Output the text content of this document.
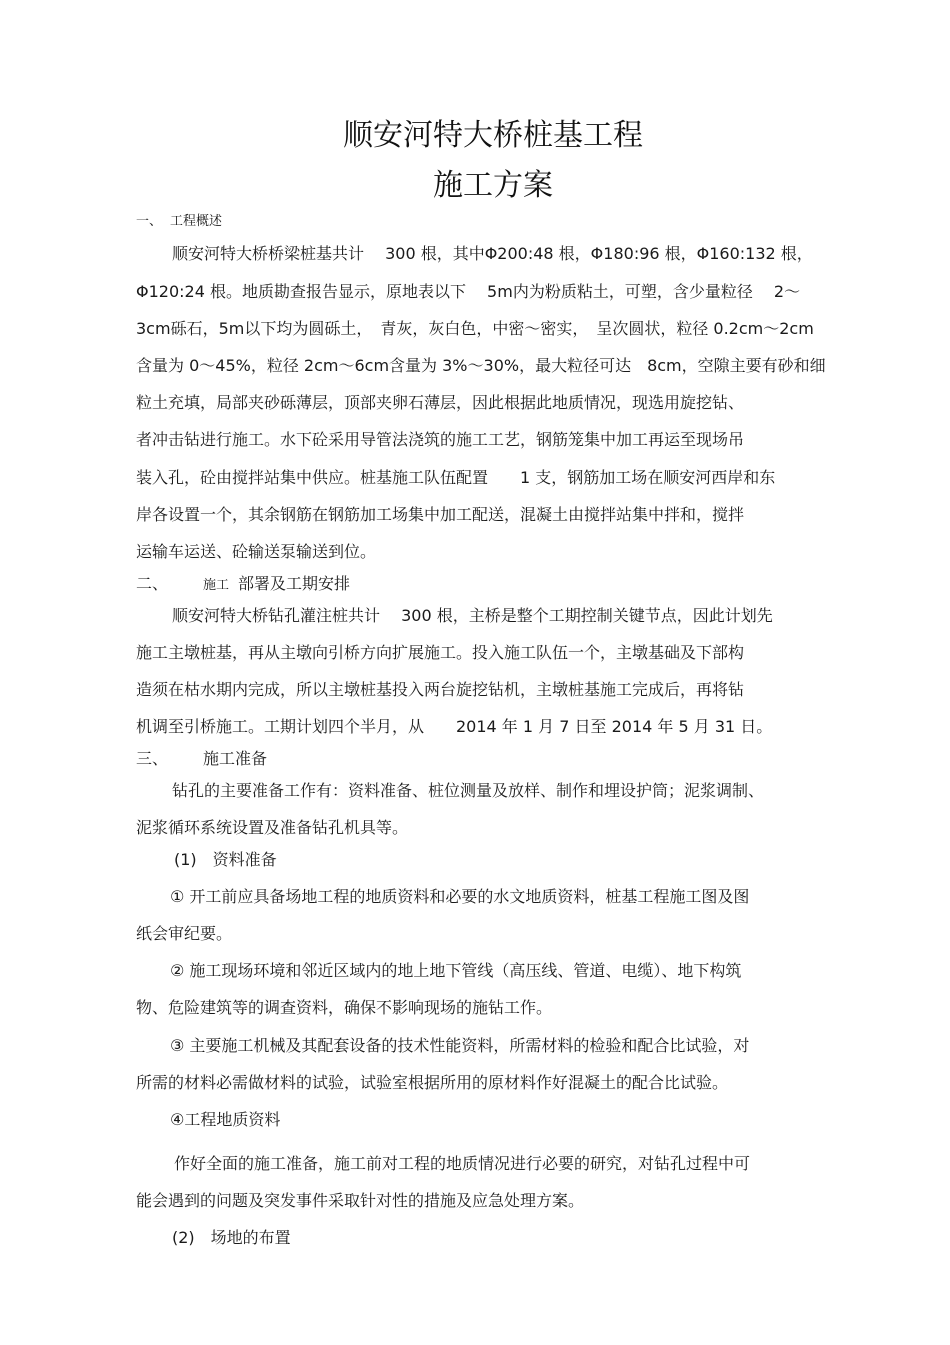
顺安河特大桥桩基工程
施工方案
一、 工程概述
顺安河特大桥桥梁桩基共计　 300 根，其中Φ200:48 根，Φ180:96 根，Φ160:132 根，
Φ120:24 根。地质勘查报告显示，原地表以下　 5m内为粉质粘土，可塑，含少量粒径　 2～
3cm砾石，5m以下均为圆砾土，　青灰，灰白色，中密～密实，　呈次圆状，粒径 0.2cm～2cm
含量为 0～45%，粒径 2cm～6cm含量为 3%～30%，最大粒径可达　8cm，空隙主要有砂和细
粒土充填，局部夹砂砾薄层，顶部夹卵石薄层，因此根据此地质情况，现选用旋挖钻、
者冲击钻进行施工。水下砼采用导管法浇筑的施工工艺，钢筋笼集中加工再运至现场吊
装入孔，砼由搅拌站集中供应。桩基施工队伍配置　　1 支，钢筋加工场在顺安河西岸和东
岸各设置一个，其余钢筋在钢筋加工场集中加工配送，混凝土由搅拌站集中拌和，搅拌
运输车运送、砼输送泵输送到位。
二、	施工 部署及工期安排
顺安河特大桥钻孔灌注桩共计　 300 根，主桥是整个工期控制关键节点，因此计划先
施工主墩桩基，再从主墩向引桥方向扩展施工。投入施工队伍一个，主墩基础及下部构
造须在枯水期内完成，所以主墩桩基投入两台旋挖钻机，主墩桩基施工完成后，再将钻
机调至引桥施工。工期计划四个半月，从　　2014 年 1 月 7 日至 2014 年 5 月 31 日。
三、 施工准备
钻孔的主要准备工作有：资料准备、桩位测量及放样、制作和埋设护筒；泥浆调制、
泥浆循环系统设置及准备钻孔机具等。
(1)　资料准备
① 开工前应具备场地工程的地质资料和必要的水文地质资料，桩基工程施工图及图
纸会审纪要。
② 施工现场环境和邻近区域内的地上地下管线（高压线、管道、电缆）、地下构筑
物、危险建筑等的调查资料，确保不影响现场的施钻工作。
③ 主要施工机械及其配套设备的技术性能资料，所需材料的检验和配合比试验，对
所需的材料必需做材料的试验，试验室根据所用的原材料作好混凝土的配合比试验。
④工程地质资料
作好全面的施工准备，施工前对工程的地质情况进行必要的研究，对钻孔过程中可
能会遇到的问题及突发事件采取针对性的措施及应急处理方案。
(2)　场地的布置
